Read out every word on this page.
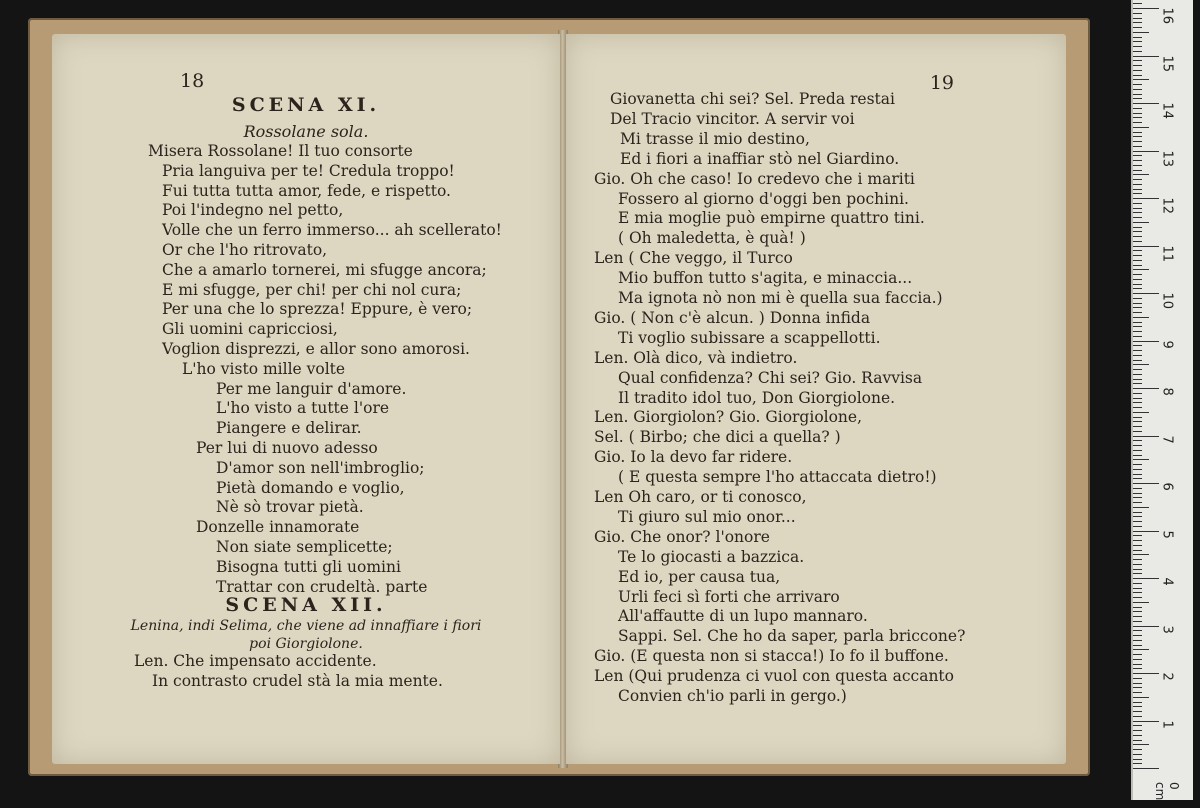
18
SCENA XI.
Rossolane sola.
Misera Rossolane! Il tuo consorte
Pria languiva per te! Credula troppo!
Fui tutta tutta amor, fede, e rispetto.
Poi l'indegno nel petto,
Volle che un ferro immerso... ah scellerato!
Or che l'ho ritrovato,
Che a amarlo tornerei, mi sfugge ancora;
E mi sfugge, per chi! per chi nol cura;
Per una che lo sprezza! Eppure, è vero;
Gli uomini capricciosi,
Voglion disprezzi, e allor sono amorosi.
L'ho visto mille volte
Per me languir d'amore.
L'ho visto a tutte l'ore
Piangere e delirar.
Per lui di nuovo adesso
D'amor son nell'imbroglio;
Pietà domando e voglio,
Nè sò trovar pietà.
Donzelle innamorate
Non siate semplicette;
Bisogna tutti gli uomini
Trattar con crudeltà. parte
SCENA XII.
Lenina, indi Selima, che viene ad innaffiare i fiori
poi Giorgiolone.
Len. Che impensato accidente.
In contrasto crudel stà la mia mente.
19
Giovanetta chi sei? Sel. Preda restai
Del Tracio vincitor. A servir voi
Mi trasse il mio destino,
Ed i fiori a inaffiar stò nel Giardino.
Gio. Oh che caso! Io credevo che i mariti
Fossero al giorno d'oggi ben pochini.
E mia moglie può empirne quattro tini.
( Oh maledetta, è quà! )
Len ( Che veggo, il Turco
Mio buffon tutto s'agita, e minaccia...
Ma ignota nò non mi è quella sua faccia.)
Gio. ( Non c'è alcun. ) Donna infida
Ti voglio subissare a scappellotti.
Len. Olà dico, và indietro.
Qual confidenza? Chi sei? Gio. Ravvisa
Il tradito idol tuo, Don Giorgiolone.
Len. Giorgiolon? Gio. Giorgiolone,
Sel. ( Birbo; che dici a quella? )
Gio. Io la devo far ridere.
( E questa sempre l'ho attaccata dietro!)
Len Oh caro, or ti conosco,
Ti giuro sul mio onor...
Gio. Che onor? l'onore
Te lo giocasti a bazzica.
Ed io, per causa tua,
Urli feci sì forti che arrivaro
All'affautte di un lupo mannaro.
Sappi. Sel. Che ho da saper, parla briccone?
Gio. (E questa non si stacca!) Io fo il buffone.
Len (Qui prudenza ci vuol con questa accanto
Convien ch'io parli in gergo.)
1
2
3
4
5
6
7
8
9
10
11
12
13
14
15
16
0 cm
